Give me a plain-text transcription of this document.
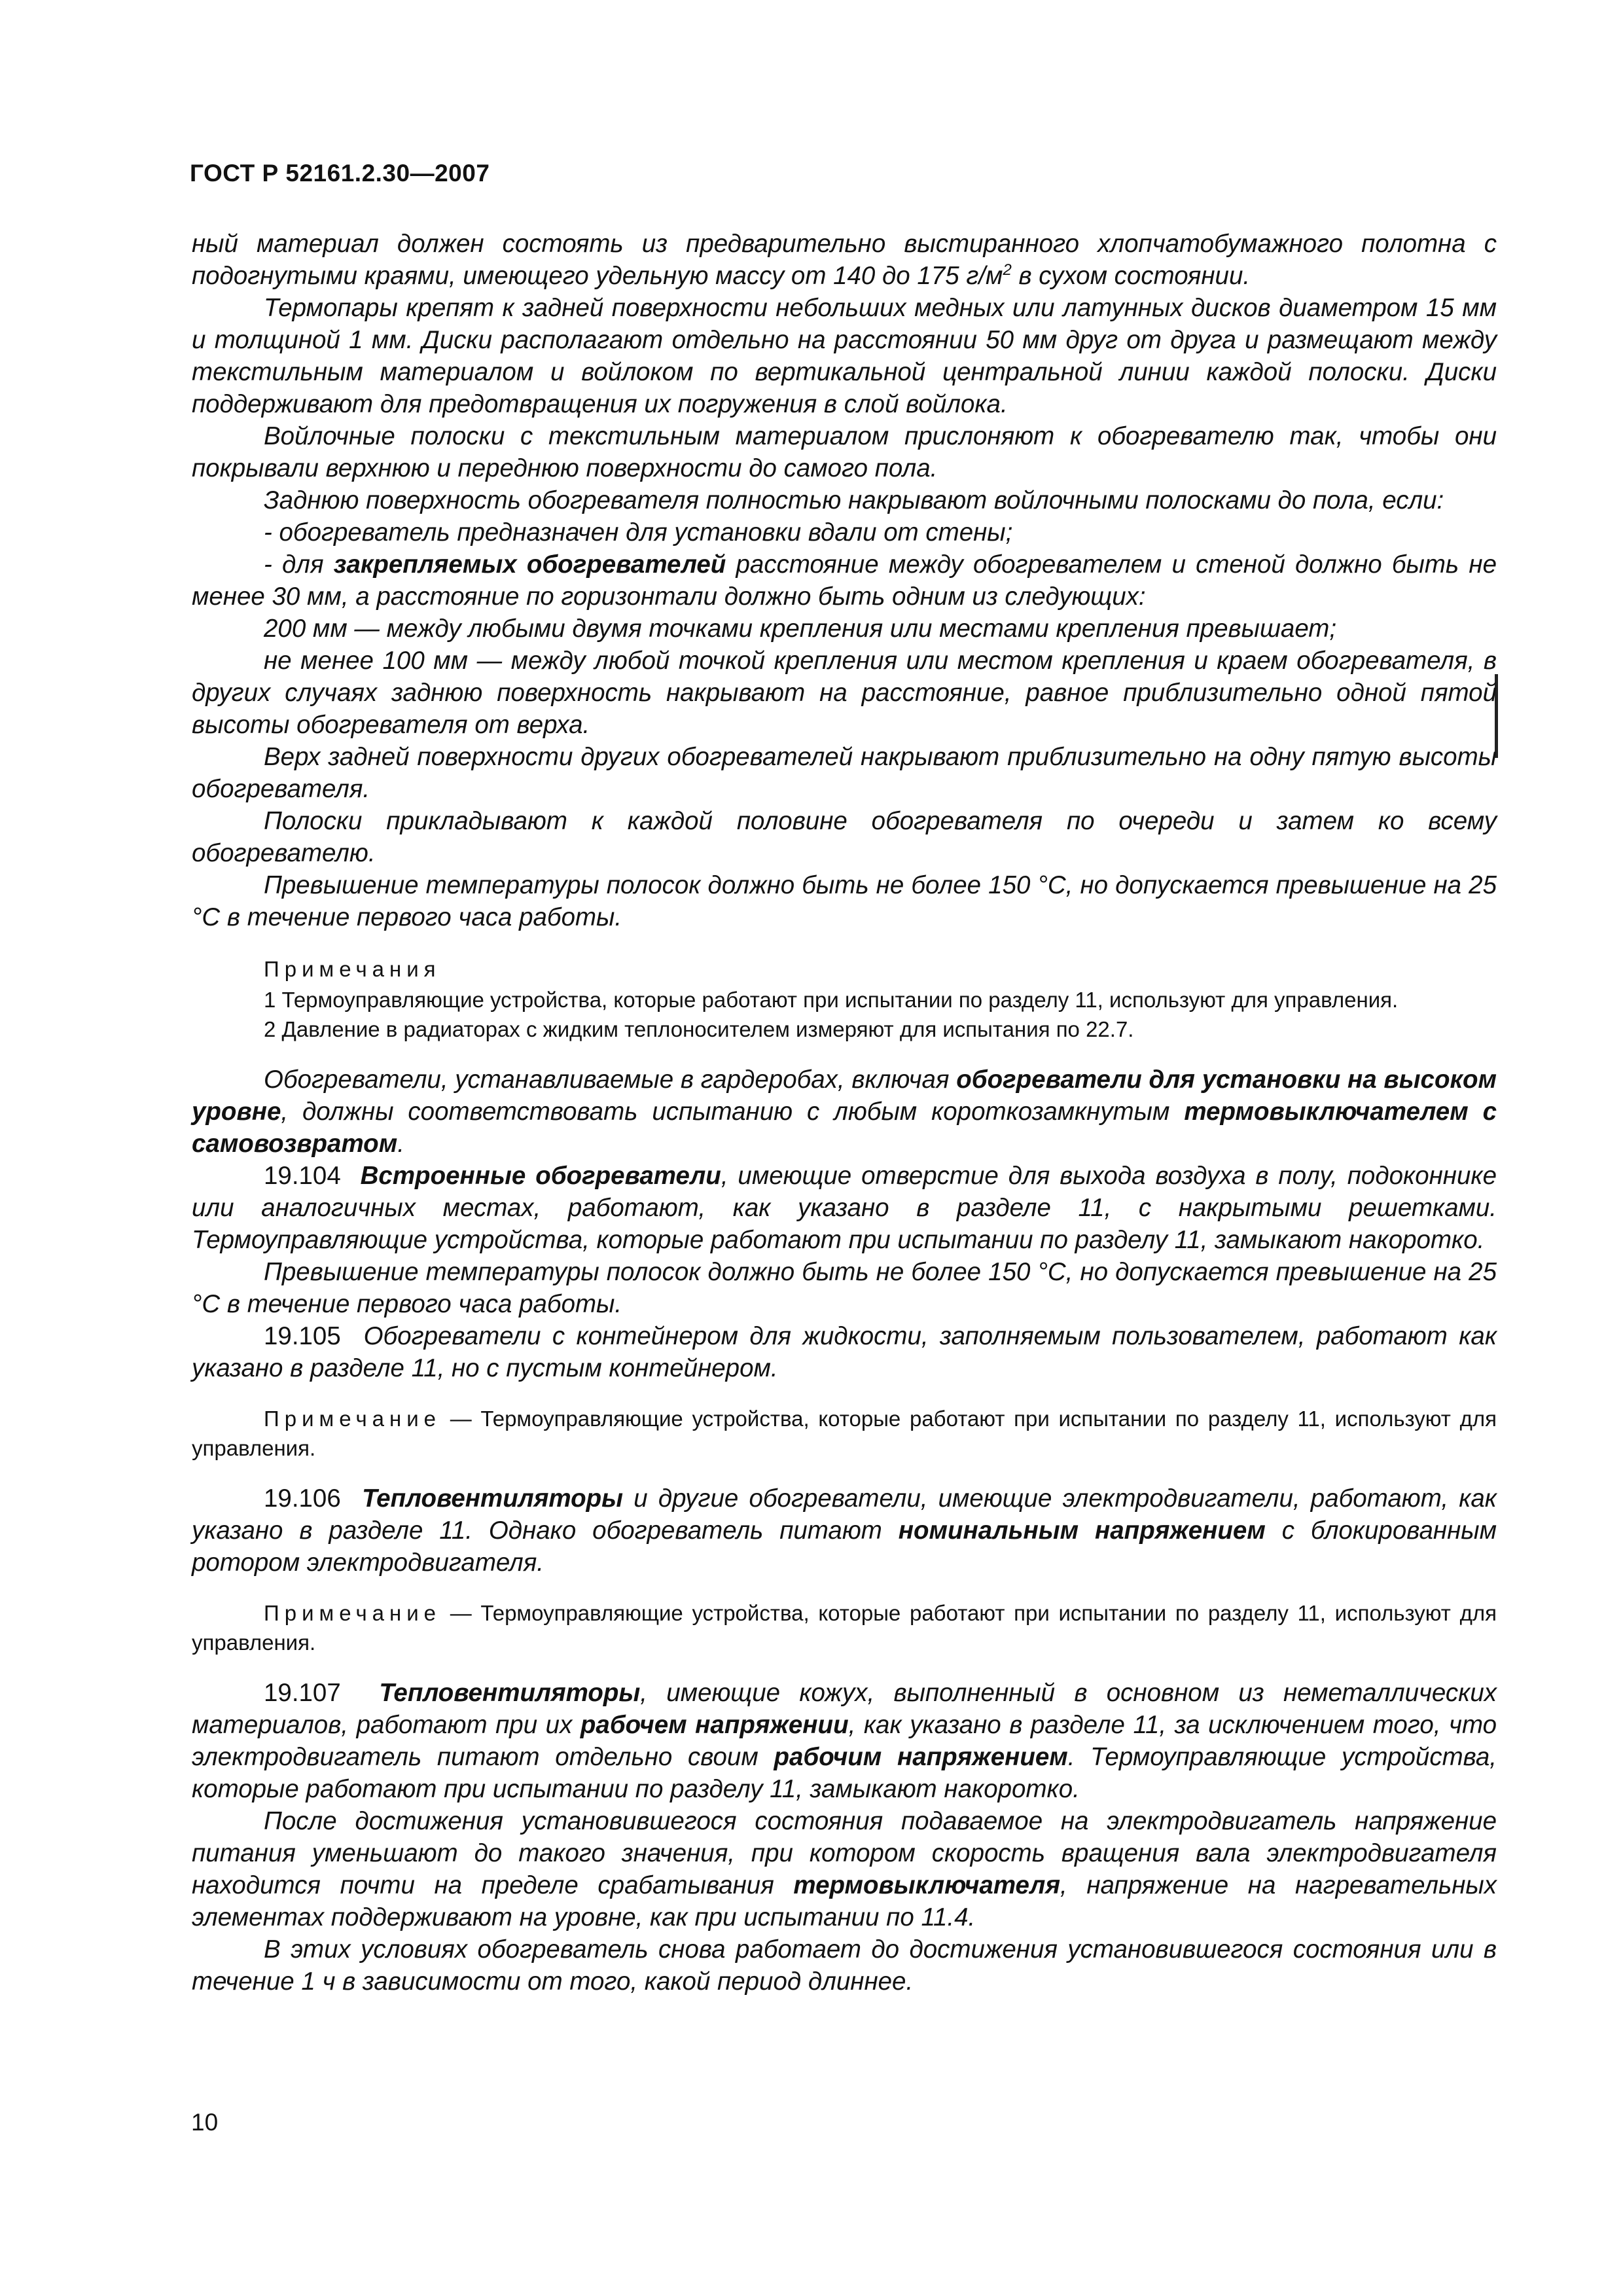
ГОСТ Р 52161.2.30—2007

ный материал должен состоять из предварительно выстиранного хлопчатобумажного полотна с подогнутыми краями, имеющего удельную массу от 140 до 175 $г/м^2$ в сухом состоянии.

Термопары крепят к задней поверхности небольших медных или латунных дисков диаметром 15 мм и толщиной 1 мм. Диски располагают отдельно на расстоянии 50 мм друг от друга и размещают между текстильным материалом и войлоком по вертикальной центральной линии каждой полоски. Диски поддерживают для предотвращения их погружения в слой войлока.

Войлочные полоски с текстильным материалом прислоняют к обогревателю так, чтобы они покрывали верхнюю и переднюю поверхности до самого пола.

Заднюю поверхность обогревателя полностью накрывают войлочными полосками до пола, если:

- обогреватель предназначен для установки вдали от стены;

- для закрепляемых обогревателей расстояние между обогревателем и стеной должно быть не менее 30 мм, а расстояние по горизонтали должно быть одним из следующих:

200 мм — между любыми двумя точками крепления или местами крепления превышает;

не менее 100 мм — между любой точкой крепления или местом крепления и краем обогревателя, в других случаях заднюю поверхность накрывают на расстояние, равное приблизительно одной пятой высоты обогревателя от верха.

Верх задней поверхности других обогревателей накрывают приблизительно на одну пятую высоты обогревателя.

Полоски прикладывают к каждой половине обогревателя по очереди и затем ко всему обогревателю.

Превышение температуры полосок должно быть не более 150 °С, но допускается превышение на 25 °С в течение первого часа работы.

Примечания

1 Термоуправляющие устройства, которые работают при испытании по разделу 11, используют для управления.

2 Давление в радиаторах с жидким теплоносителем измеряют для испытания по 22.7.

Обогреватели, устанавливаемые в гардеробах, включая обогреватели для установки на высоком уровне, должны соответствовать испытанию с любым короткозамкнутым термовыключателем с самовозвратом.

19.104 Встроенные обогреватели, имеющие отверстие для выхода воздуха в полу, подоконнике или аналогичных местах, работают, как указано в разделе 11, с накрытыми решетками. Термоуправляющие устройства, которые работают при испытании по разделу 11, замыкают накоротко.

Превышение температуры полосок должно быть не более 150 °С, но допускается превышение на 25 °С в течение первого часа работы.

19.105 Обогреватели с контейнером для жидкости, заполняемым пользователем, работают как указано в разделе 11, но с пустым контейнером.

Примечание — Термоуправляющие устройства, которые работают при испытании по разделу 11, используют для управления.

19.106 Тепловентиляторы и другие обогреватели, имеющие электродвигатели, работают, как указано в разделе 11. Однако обогреватель питают номинальным напряжением с блокированным ротором электродвигателя.

Примечание — Термоуправляющие устройства, которые работают при испытании по разделу 11, используют для управления.

19.107 Тепловентиляторы, имеющие кожух, выполненный в основном из неметаллических материалов, работают при их рабочем напряжении, как указано в разделе 11, за исключением того, что электродвигатель питают отдельно своим рабочим напряжением. Термоуправляющие устройства, которые работают при испытании по разделу 11, замыкают накоротко.

После достижения установившегося состояния подаваемое на электродвигатель напряжение питания уменьшают до такого значения, при котором скорость вращения вала электродвигателя находится почти на пределе срабатывания термовыключателя, напряжение на нагревательных элементах поддерживают на уровне, как при испытании по 11.4.

В этих условиях обогреватель снова работает до достижения установившегося состояния или в течение 1 ч в зависимости от того, какой период длиннее.

10
